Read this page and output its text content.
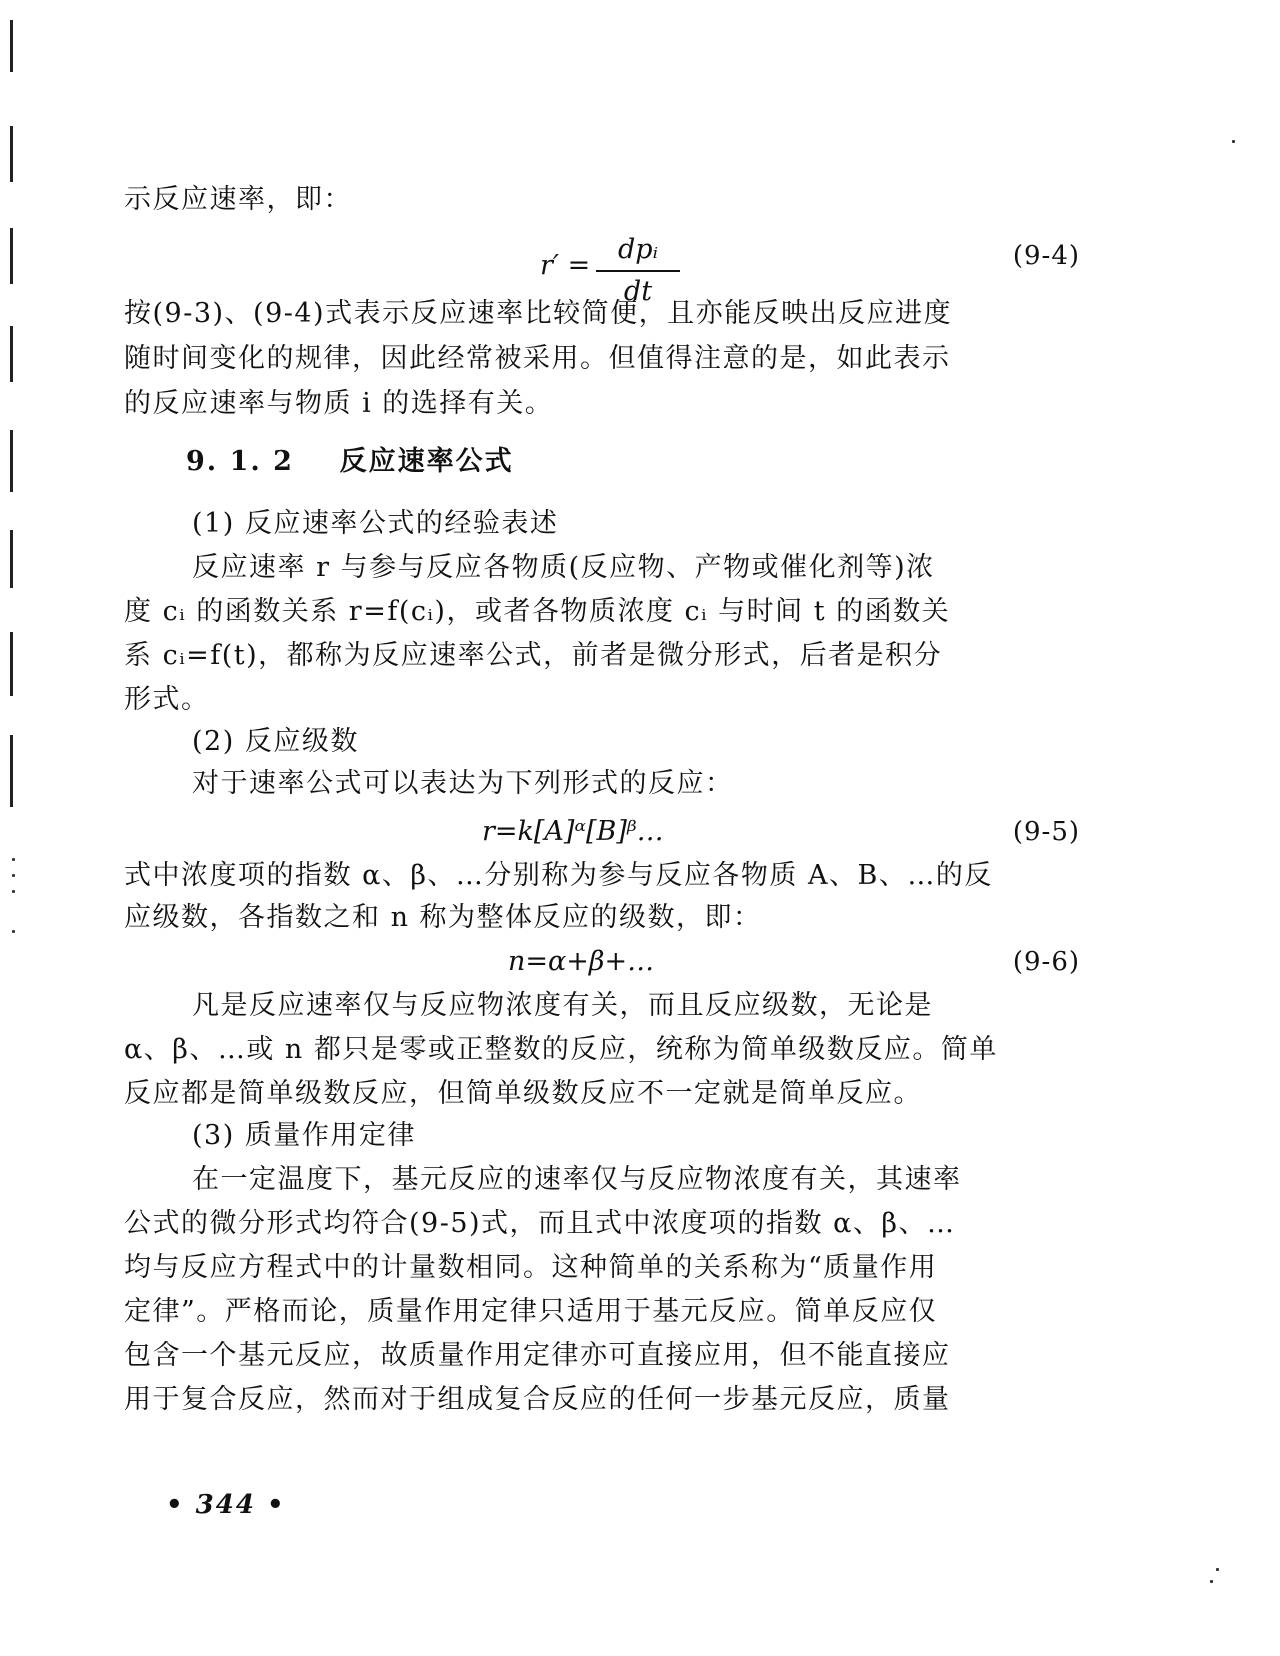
示反应速率，即：
r′ =
dpᵢ
dt
(9-4)
按(9-3)、(9-4)式表示反应速率比较简便，且亦能反映出反应进度
随时间变化的规律，因此经常被采用。但值得注意的是，如此表示
的反应速率与物质 i 的选择有关。
9. 1. 2 反应速率公式
(1) 反应速率公式的经验表述
反应速率 r 与参与反应各物质(反应物、产物或催化剂等)浓
度 cᵢ 的函数关系 r=f(cᵢ)，或者各物质浓度 cᵢ 与时间 t 的函数关
系 cᵢ=f(t)，都称为反应速率公式，前者是微分形式，后者是积分
形式。
(2) 反应级数
对于速率公式可以表达为下列形式的反应：
r=k[A]ᵅ[B]ᵝ…	(9-5)
式中浓度项的指数 α、β、…分别称为参与反应各物质 A、B、…的反
应级数，各指数之和 n 称为整体反应的级数，即：
n=α+β+…	(9-6)
凡是反应速率仅与反应物浓度有关，而且反应级数，无论是
α、β、…或 n 都只是零或正整数的反应，统称为简单级数反应。简单
反应都是简单级数反应，但简单级数反应不一定就是简单反应。
(3) 质量作用定律
在一定温度下，基元反应的速率仅与反应物浓度有关，其速率
公式的微分形式均符合(9-5)式，而且式中浓度项的指数 α、β、…
均与反应方程式中的计量数相同。这种简单的关系称为“质量作用
定律”。严格而论，质量作用定律只适用于基元反应。简单反应仅
包含一个基元反应，故质量作用定律亦可直接应用，但不能直接应
用于复合反应，然而对于组成复合反应的任何一步基元反应，质量
• 344 •
